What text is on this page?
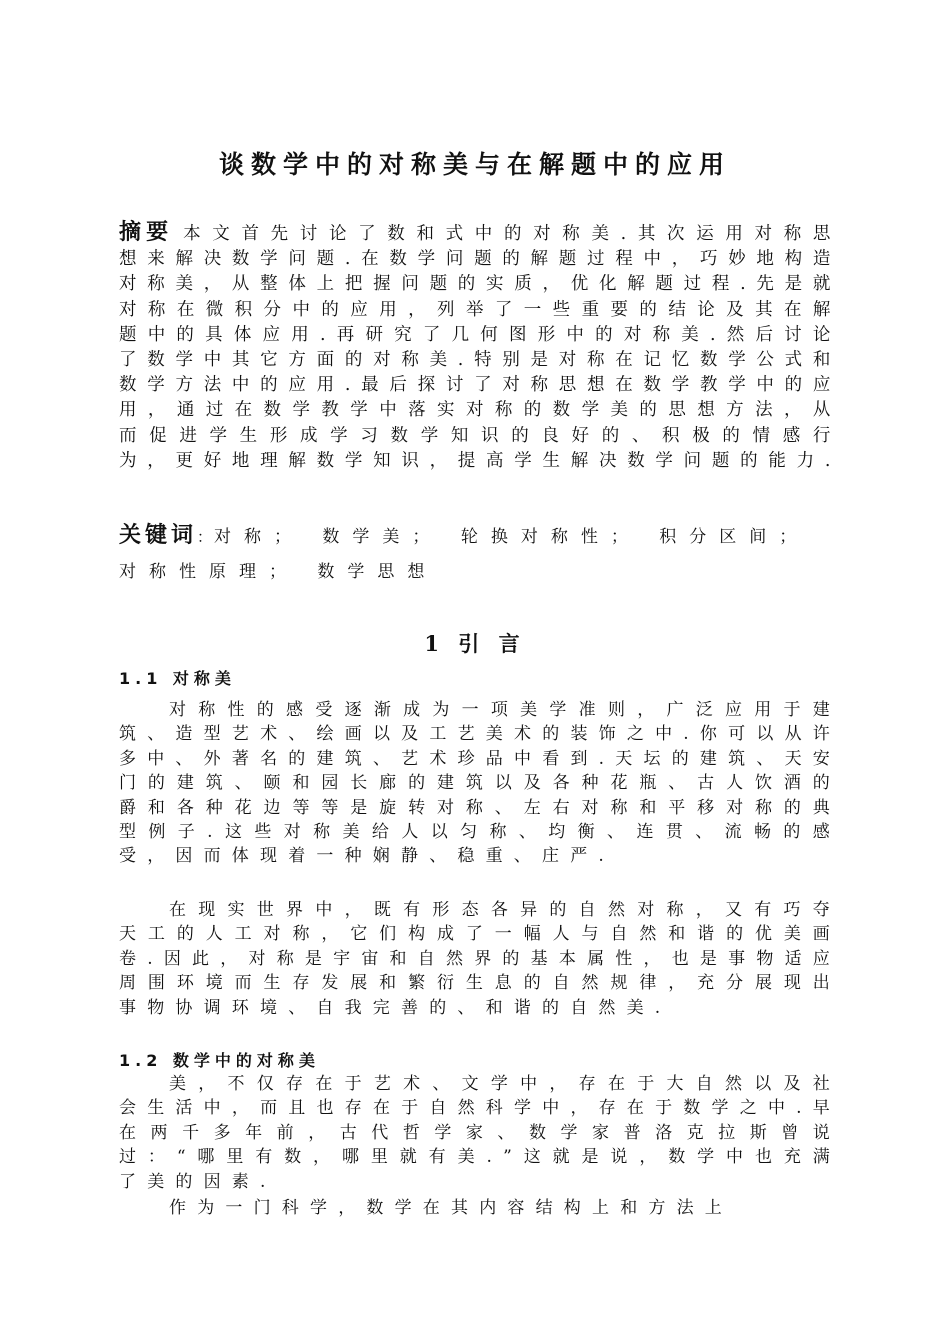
谈数学中的对称美与在解题中的应用
摘要 本文首先讨论了数和式中的对称美.其次运用对称思想来解决数学问题.在数学问题的解题过程中，巧妙地构造对称美，从整体上把握问题的实质，优化解题过程.先是就对称在微积分中的应用，列举了一些重要的结论及其在解题中的具体应用.再研究了几何图形中的对称美.然后讨论了数学中其它方面的对称美.特别是对称在记忆数学公式和数学方法中的应用.最后探讨了对称思想在数学教学中的应用，通过在数学教学中落实对称的数学美的思想方法，从而促进学生形成学习数学知识的良好的、积极的情感行为，更好地理解数学知识，提高学生解决数学问题的能力.
关键词： 对称； 数学美； 轮换对称性； 积分区间； 对称性原理； 数学思想
1 引 言
1.1 对称美

对称性的感受逐渐成为一项美学准则，广泛应用于建筑、造型艺术、绘画以及工艺美术的装饰之中.你可以从许多中、外著名的建筑、艺术珍品中看到.天坛的建筑、天安门的建筑、颐和园长廊的建筑以及各种花瓶、古人饮酒的爵和各种花边等等是旋转对称、左右对称和平移对称的典型例子.这些对称美给人以匀称、均衡、连贯、流畅的感受，因而体现着一种娴静、稳重、庄严.

在现实世界中，既有形态各异的自然对称，又有巧夺天工的人工对称，它们构成了一幅人与自然和谐的优美画卷.因此，对称是宇宙和自然界的基本属性，也是事物适应周围环境而生存发展和繁衍生息的自然规律，充分展现出事物协调环境、自我完善的、和谐的自然美.

1.2 数学中的对称美

美，不仅存在于艺术、文学中，存在于大自然以及社会生活中，而且也存在于自然科学中，存在于数学之中.早在两千多年前，古代哲学家、数学家普洛克拉斯曾说过：“哪里有数，哪里就有美.”这就是说，数学中也充满了美的因素.

作为一门科学，数学在其内容结构上和方法上
